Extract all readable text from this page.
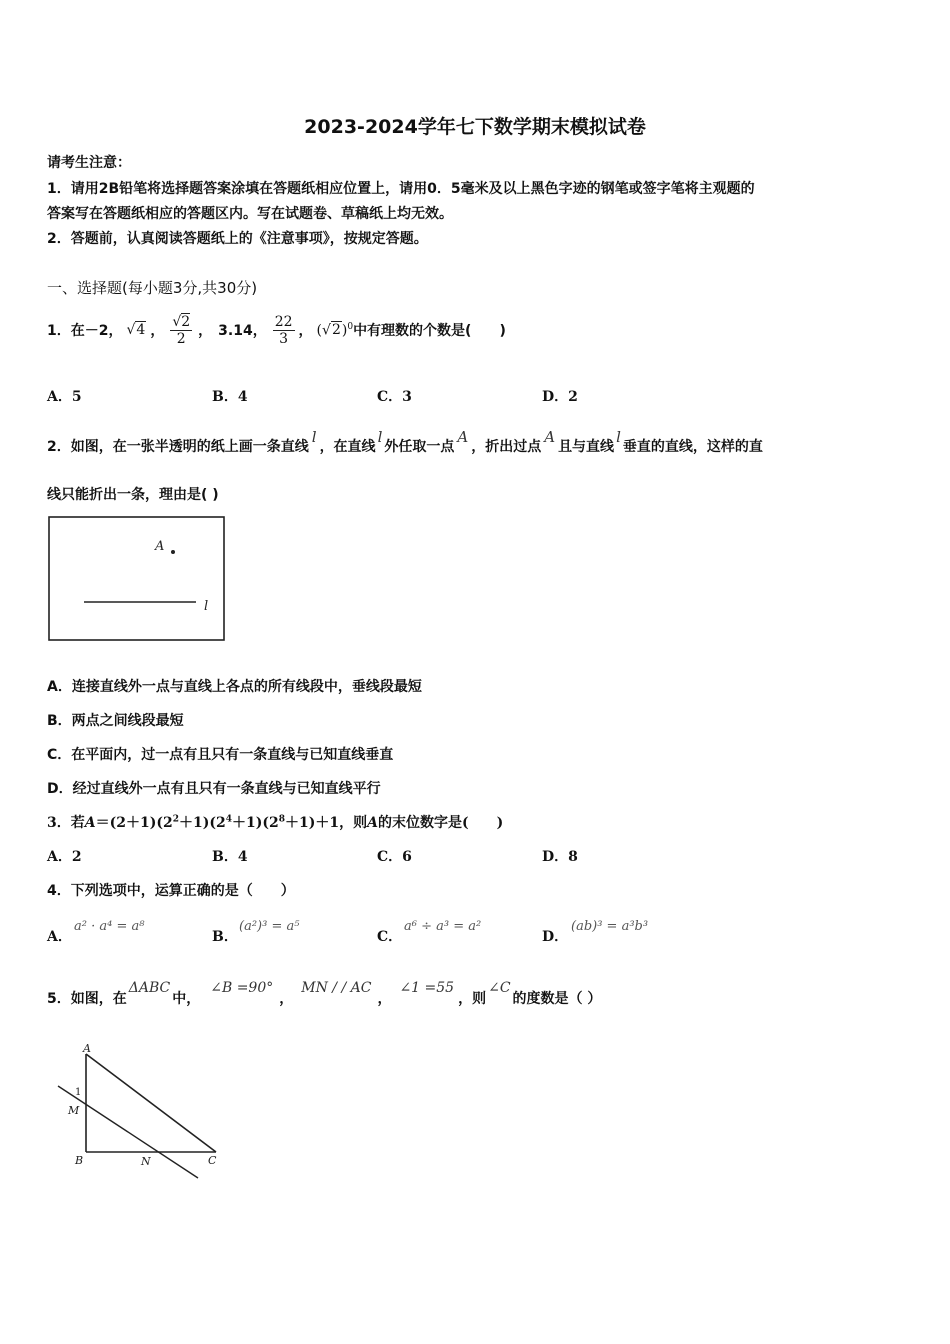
2023-2024学年七下数学期末模拟试卷
请考生注意：
1．请用2B铅笔将选择题答案涂填在答题纸相应位置上，请用0．5毫米及以上黑色字迹的钢笔或签字笔将主观题的
答案写在答题纸相应的答题区内。写在试题卷、草稿纸上均无效。
2．答题前，认真阅读答题纸上的《注意事项》，按规定答题。
一、选择题(每小题3分,共30分)
1．在－2， √4 ， $\frac{√2}{2}$ ， 3.14， $\frac{22}{3}$ ， $(√2)^0$ 中有理数的个数是(　　)
A．5	B．4	C．3	D．2
2．如图，在一张半透明的纸上画一条直线
l
，在直线
l
外任取一点
A
，折出过点
A
且与直线
l
垂直的直线，这样的直
线只能折出一条，理由是( )
A
l
A．连接直线外一点与直线上各点的所有线段中，垂线段最短
B．两点之间线段最短
C．在平面内，过一点有且只有一条直线与已知直线垂直
D．经过直线外一点有且只有一条直线与已知直线平行
3．若$A=(2+1)(2^2+1)(2^4+1)(2^8+1)+1$，则A的末位数字是(　　)
A．2	B．4	C．6	D．8
4．下列选项中，运算正确的是（　　）
A．
a² · a⁴ = a⁸
B．
(a²)³ = a⁵
C．
a⁶ ÷ a³ = a²
D．
(ab)³ = a³b³
5．如图，在
ΔABC
中，
∠B =90°
，
MN / / AC
，
∠1 =55
，则
∠C
的度数是（ ）
A
1
M
B	N	C
